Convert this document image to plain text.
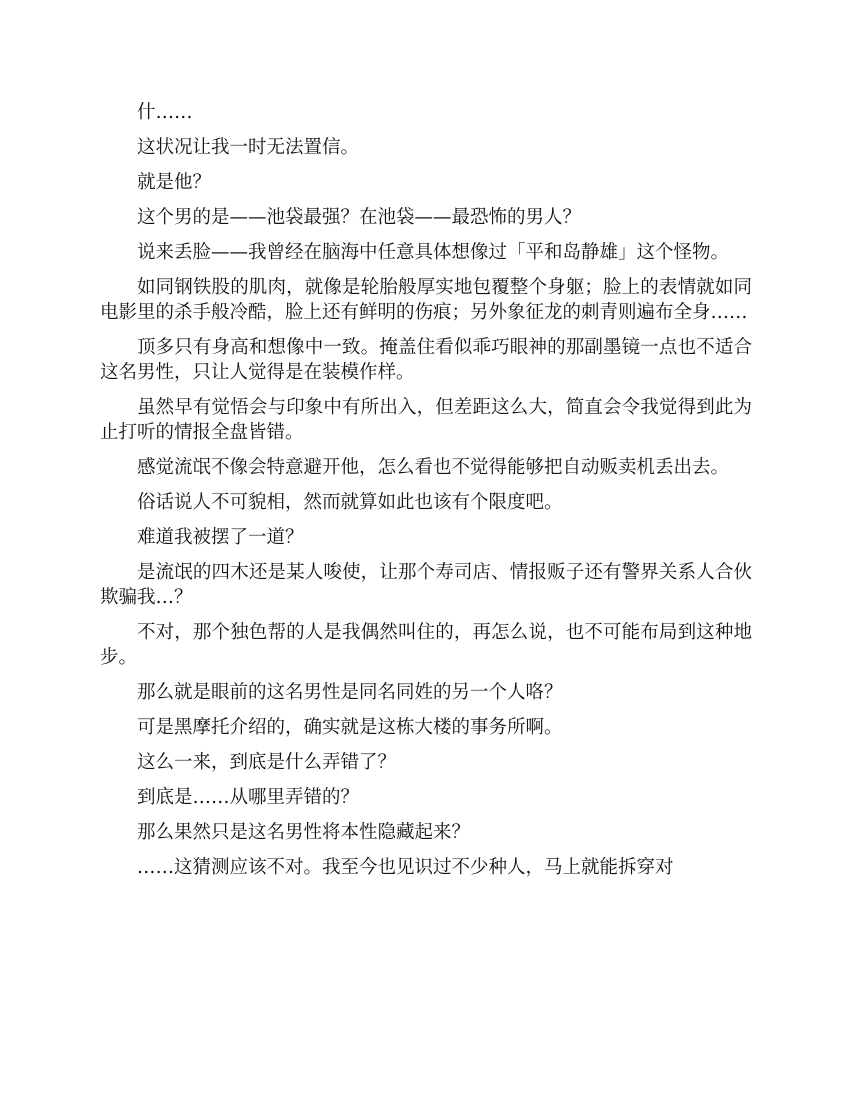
什……

这状况让我一时无法置信。

就是他？

这个男的是——池袋最强？在池袋——最恐怖的男人？

说来丢脸——我曾经在脑海中任意具体想像过「平和岛静雄」这个怪物。

如同钢铁股的肌肉，就像是轮胎般厚实地包覆整个身躯；脸上的表情就如同电影里的杀手般冷酷，脸上还有鲜明的伤痕；另外象征龙的刺青则遍布全身……

顶多只有身高和想像中一致。掩盖住看似乖巧眼神的那副墨镜一点也不适合这名男性，只让人觉得是在装模作样。

虽然早有觉悟会与印象中有所出入，但差距这么大，简直会令我觉得到此为止打听的情报全盘皆错。

感觉流氓不像会特意避开他，怎么看也不觉得能够把自动贩卖机丢出去。

俗话说人不可貌相，然而就算如此也该有个限度吧。

难道我被摆了一道？

是流氓的四木还是某人唆使，让那个寿司店、情报贩子还有警界关系人合伙欺骗我…？

不对，那个独色帮的人是我偶然叫住的，再怎么说，也不可能布局到这种地步。

那么就是眼前的这名男性是同名同姓的另一个人咯？

可是黑摩托介绍的，确实就是这栋大楼的事务所啊。

这么一来，到底是什么弄错了？

到底是……从哪里弄错的？

那么果然只是这名男性将本性隐藏起来？

……这猜测应该不对。我至今也见识过不少种人，马上就能拆穿对
